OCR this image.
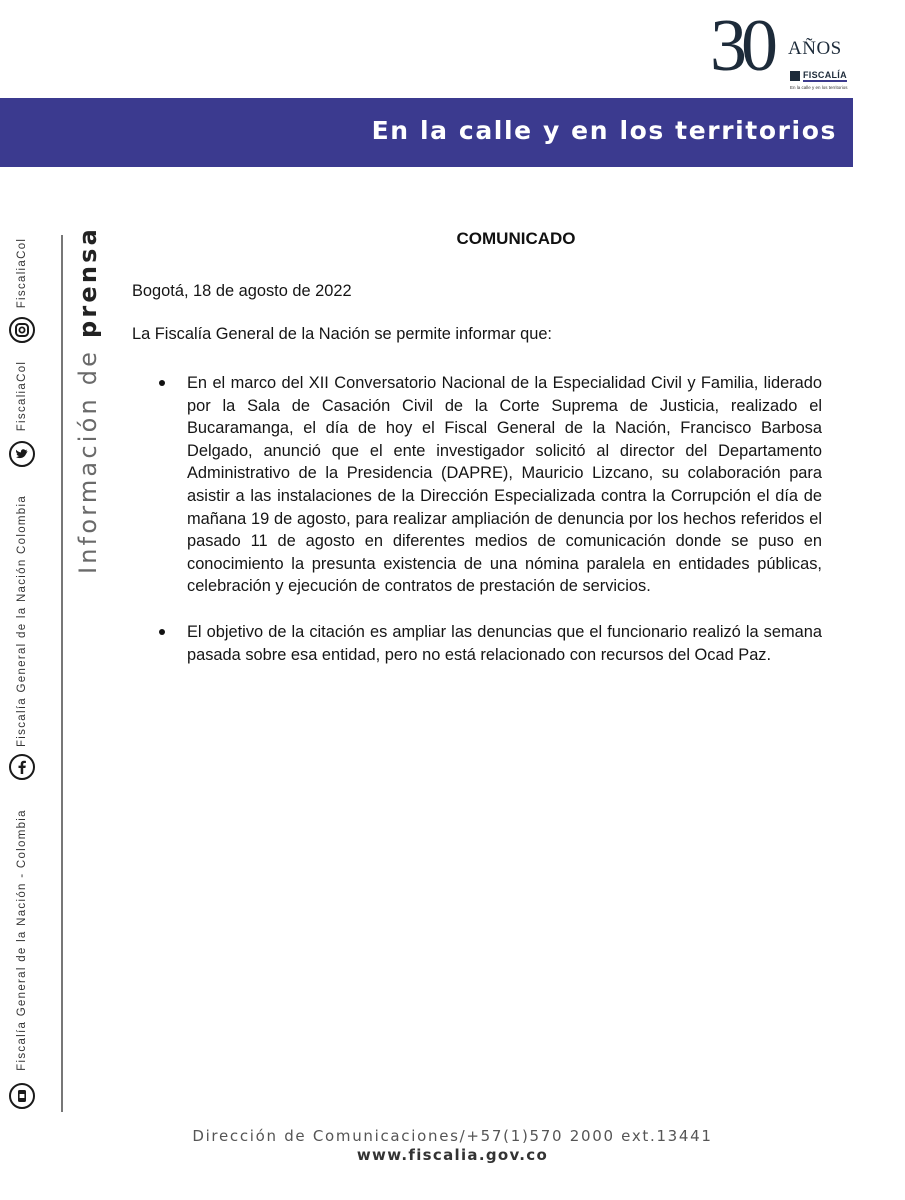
30 AÑOS
FISCALÍA
En la calle y en los territorios
En la calle y en los territorios
FiscaliaCol
FiscaliaCol
Fiscalía General de la Nación Colombia
Fiscalía General de la Nación - Colombia
Información de prensa	COMUNICADO
Bogotá, 18 de agosto de 2022
La Fiscalía General de la Nación se permite informar que:
En el marco del XII Conversatorio Nacional de la Especialidad Civil y Familia, liderado por la Sala de Casación Civil de la Corte Suprema de Justicia, realizado el Bucaramanga, el día de hoy el Fiscal General de la Nación, Francisco Barbosa Delgado, anunció que el ente investigador solicitó al director del Departamento Administrativo de la Presidencia (DAPRE), Mauricio Lizcano, su colaboración para asistir a las instalaciones de la Dirección Especializada contra la Corrupción el día de mañana 19 de agosto, para realizar ampliación de denuncia por los hechos referidos el pasado 11 de agosto en diferentes medios de comunicación donde se puso en conocimiento la presunta existencia de una nómina paralela en entidades públicas, celebración y ejecución de contratos de prestación de servicios.
El objetivo de la citación es ampliar las denuncias que el funcionario realizó la semana pasada sobre esa entidad, pero no está relacionado con recursos del Ocad Paz.
Dirección de Comunicaciones/+57(1)570 2000 ext.13441
www.fiscalia.gov.co
